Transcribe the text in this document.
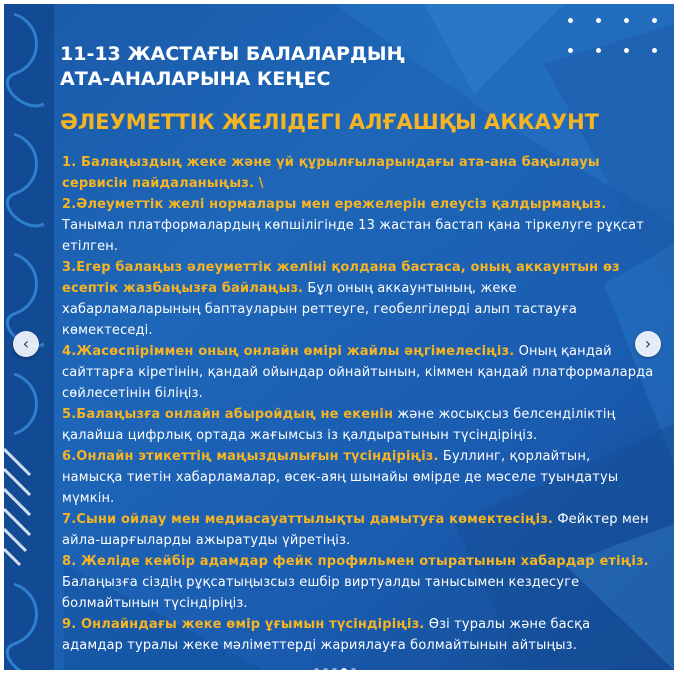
11-13 ЖАСТАҒЫ БАЛАЛАРДЫҢ
АТА-АНАЛАРЫНА КЕҢЕС
ӘЛЕУМЕТТІК ЖЕЛІДЕГІ АЛҒАШҚЫ АККАУНТ

1. Балаңыздың жеке және үй құрылғыларындағы ата-ана бақылауы сервисін пайдаланыңыз. \

2.Әлеуметтік желі нормалары мен ережелерін елеусіз қалдырмаңыз. Танымал платформалардың көпшілігінде 13 жастан бастап қана тіркелуге рұқсат етілген.

3.Егер балаңыз әлеуметтік желіні қолдана бастаса, оның аккаунтын өз есептік жазбаңызға байлаңыз. Бұл оның аккаунтының, жеке хабарламаларының баптауларын реттеуге, геобелгілерді алып тастауға көмектеседі.

4.Жасөспіріммен оның онлайн өмірі жайлы әңгімелесіңіз. Оның қандай сайттарға кіретінін, қандай ойындар ойнайтынын, кіммен қандай платформаларда сөйлесетінін біліңіз.

5.Балаңызға онлайн абыройдың не екенін және жосықсыз белсенділіктің қалайша цифрлық ортада жағымсыз із қалдыратынын түсіндіріңіз.

6.Онлайн этикеттің маңыздылығын түсіндіріңіз. Буллинг, қорлайтын, намысқа тиетін хабарламалар, өсек-аяң шынайы өмірде де мәселе туындатуы мүмкін.

7.Сыни ойлау мен медиасауаттылықты дамытуға көмектесіңіз. Фейктер мен айла-шарғыларды ажыратуды үйретіңіз.

8. Желіде кейбір адамдар фейк профильмен отыратынын хабардар етіңіз. Балаңызға сіздің рұқсатыңызсыз ешбір виртуалды танысымен кездесуге болмайтынын түсіндіріңіз.

9. Онлайндағы жеке өмір ұғымын түсіндіріңіз. Өзі туралы және басқа адамдар туралы жеке мәліметтерді жариялауға болмайтынын айтыңыз.

‹	›
